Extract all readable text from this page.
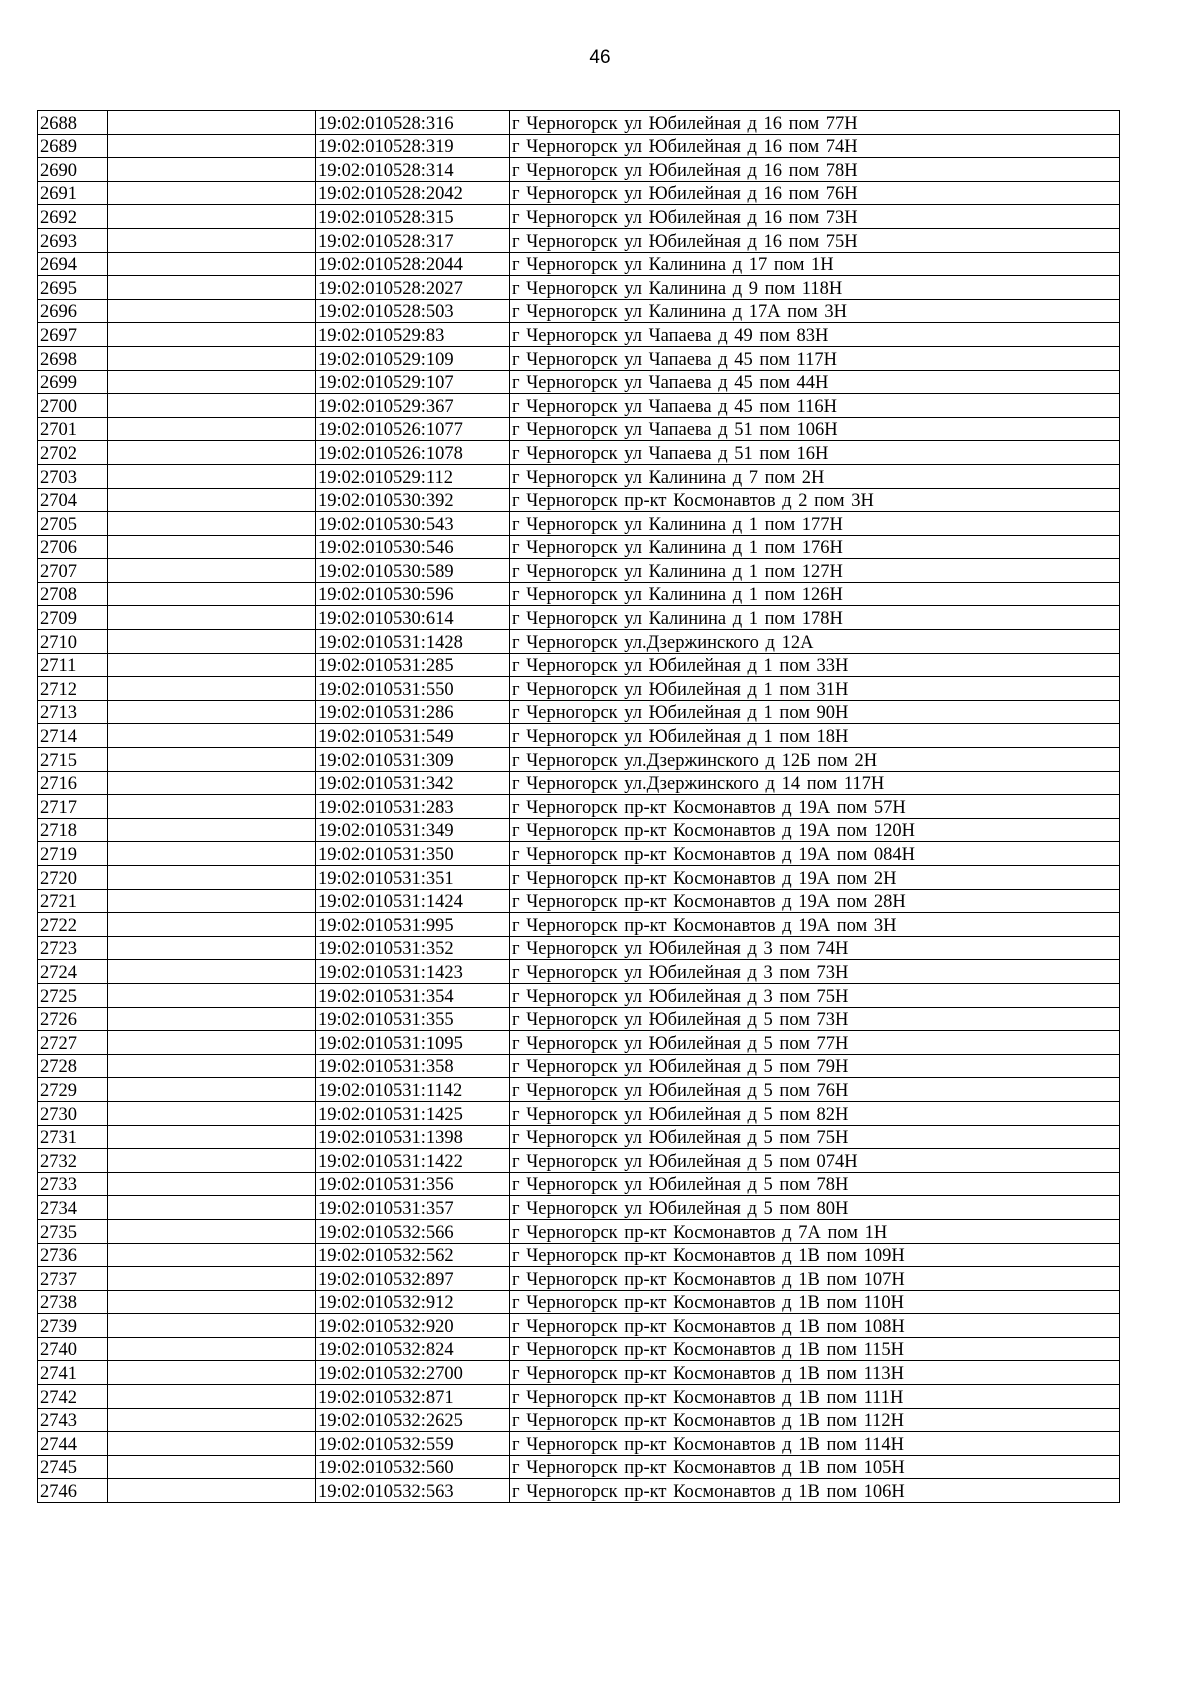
46
2688		19:02:010528:316	г Черногорск ул Юбилейная д 16 пом 77Н
2689		19:02:010528:319	г Черногорск ул Юбилейная д 16 пом 74Н
2690		19:02:010528:314	г Черногорск ул Юбилейная д 16 пом 78Н
2691		19:02:010528:2042	г Черногорск ул Юбилейная д 16 пом 76Н
2692		19:02:010528:315	г Черногорск ул Юбилейная д 16 пом 73Н
2693		19:02:010528:317	г Черногорск ул Юбилейная д 16 пом 75Н
2694		19:02:010528:2044	г Черногорск ул Калинина д 17 пом 1Н
2695		19:02:010528:2027	г Черногорск ул Калинина д 9 пом 118Н
2696		19:02:010528:503	г Черногорск ул Калинина д 17А пом 3Н
2697		19:02:010529:83	г Черногорск ул Чапаева д 49 пом 83Н
2698		19:02:010529:109	г Черногорск ул Чапаева д 45 пом 117Н
2699		19:02:010529:107	г Черногорск ул Чапаева д 45 пом 44Н
2700		19:02:010529:367	г Черногорск ул Чапаева д 45 пом 116Н
2701		19:02:010526:1077	г Черногорск ул Чапаева д 51 пом 106Н
2702		19:02:010526:1078	г Черногорск ул Чапаева д 51 пом 16Н
2703		19:02:010529:112	г Черногорск ул Калинина д 7 пом 2Н
2704		19:02:010530:392	г Черногорск пр-кт Космонавтов д 2 пом 3Н
2705		19:02:010530:543	г Черногорск ул Калинина д 1 пом 177Н
2706		19:02:010530:546	г Черногорск ул Калинина д 1 пом 176Н
2707		19:02:010530:589	г Черногорск ул Калинина д 1 пом 127Н
2708		19:02:010530:596	г Черногорск ул Калинина д 1 пом 126Н
2709		19:02:010530:614	г Черногорск ул Калинина д 1 пом 178Н
2710		19:02:010531:1428	г Черногорск ул.Дзержинского д 12А
2711		19:02:010531:285	г Черногорск ул Юбилейная д 1 пом 33Н
2712		19:02:010531:550	г Черногорск ул Юбилейная д 1 пом 31Н
2713		19:02:010531:286	г Черногорск ул Юбилейная д 1 пом 90Н
2714		19:02:010531:549	г Черногорск ул Юбилейная д 1 пом 18Н
2715		19:02:010531:309	г Черногорск ул.Дзержинского д 12Б пом 2Н
2716		19:02:010531:342	г Черногорск ул.Дзержинского д 14 пом 117Н
2717		19:02:010531:283	г Черногорск пр-кт Космонавтов д 19А пом 57Н
2718		19:02:010531:349	г Черногорск пр-кт Космонавтов д 19А пом 120Н
2719		19:02:010531:350	г Черногорск пр-кт Космонавтов д 19А пом 084Н
2720		19:02:010531:351	г Черногорск пр-кт Космонавтов д 19А пом 2Н
2721		19:02:010531:1424	г Черногорск пр-кт Космонавтов д 19А пом 28Н
2722		19:02:010531:995	г Черногорск пр-кт Космонавтов д 19А пом 3Н
2723		19:02:010531:352	г Черногорск ул Юбилейная д 3 пом 74Н
2724		19:02:010531:1423	г Черногорск ул Юбилейная д 3 пом 73Н
2725		19:02:010531:354	г Черногорск ул Юбилейная д 3 пом 75Н
2726		19:02:010531:355	г Черногорск ул Юбилейная д 5 пом 73Н
2727		19:02:010531:1095	г Черногорск ул Юбилейная д 5 пом 77Н
2728		19:02:010531:358	г Черногорск ул Юбилейная д 5 пом 79Н
2729		19:02:010531:1142	г Черногорск ул Юбилейная д 5 пом 76Н
2730		19:02:010531:1425	г Черногорск ул Юбилейная д 5 пом 82Н
2731		19:02:010531:1398	г Черногорск ул Юбилейная д 5 пом 75Н
2732		19:02:010531:1422	г Черногорск ул Юбилейная д 5 пом 074Н
2733		19:02:010531:356	г Черногорск ул Юбилейная д 5 пом 78Н
2734		19:02:010531:357	г Черногорск ул Юбилейная д 5 пом 80Н
2735		19:02:010532:566	г Черногорск пр-кт Космонавтов д 7А пом 1Н
2736		19:02:010532:562	г Черногорск пр-кт Космонавтов д 1В пом 109Н
2737		19:02:010532:897	г Черногорск пр-кт Космонавтов д 1В пом 107Н
2738		19:02:010532:912	г Черногорск пр-кт Космонавтов д 1В пом 110Н
2739		19:02:010532:920	г Черногорск пр-кт Космонавтов д 1В пом 108Н
2740		19:02:010532:824	г Черногорск пр-кт Космонавтов д 1В пом 115Н
2741		19:02:010532:2700	г Черногорск пр-кт Космонавтов д 1В пом 113Н
2742		19:02:010532:871	г Черногорск пр-кт Космонавтов д 1В пом 111Н
2743		19:02:010532:2625	г Черногорск пр-кт Космонавтов д 1В пом 112Н
2744		19:02:010532:559	г Черногорск пр-кт Космонавтов д 1В пом 114Н
2745		19:02:010532:560	г Черногорск пр-кт Космонавтов д 1В пом 105Н
2746		19:02:010532:563	г Черногорск пр-кт Космонавтов д 1В пом 106Н
